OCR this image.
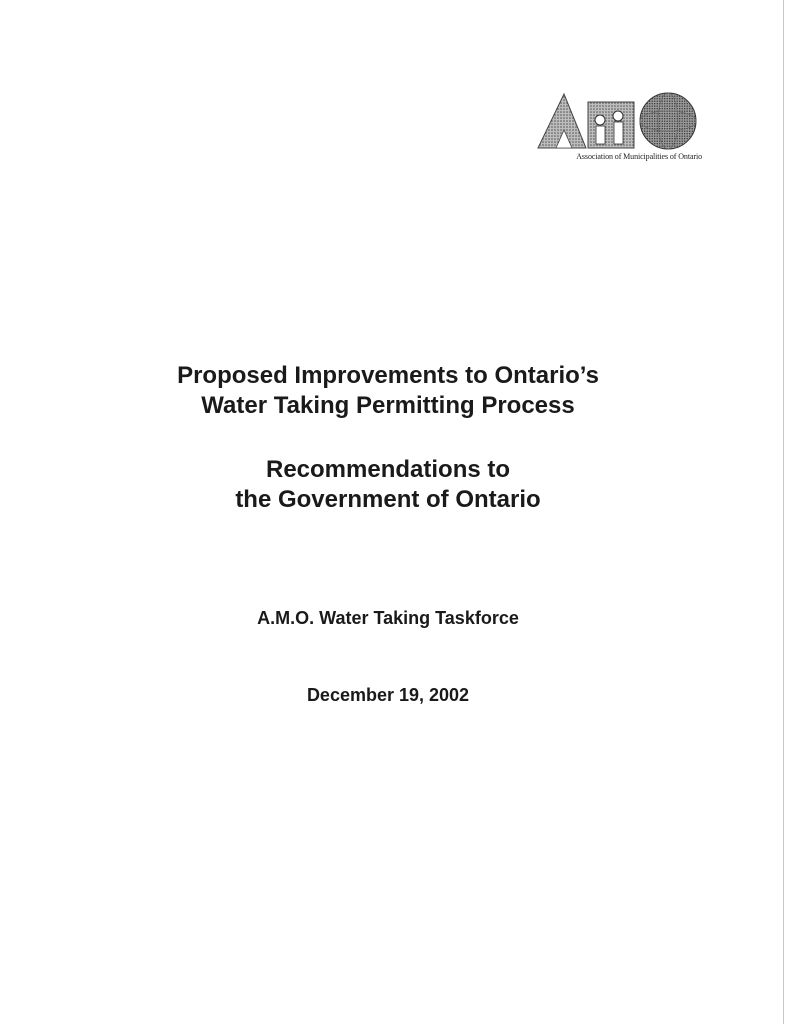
Association of Municipalities of Ontario
Proposed Improvements to Ontario’s
Water Taking Permitting Process
Recommendations to
the Government of Ontario
A.M.O. Water Taking Taskforce
December 19, 2002
